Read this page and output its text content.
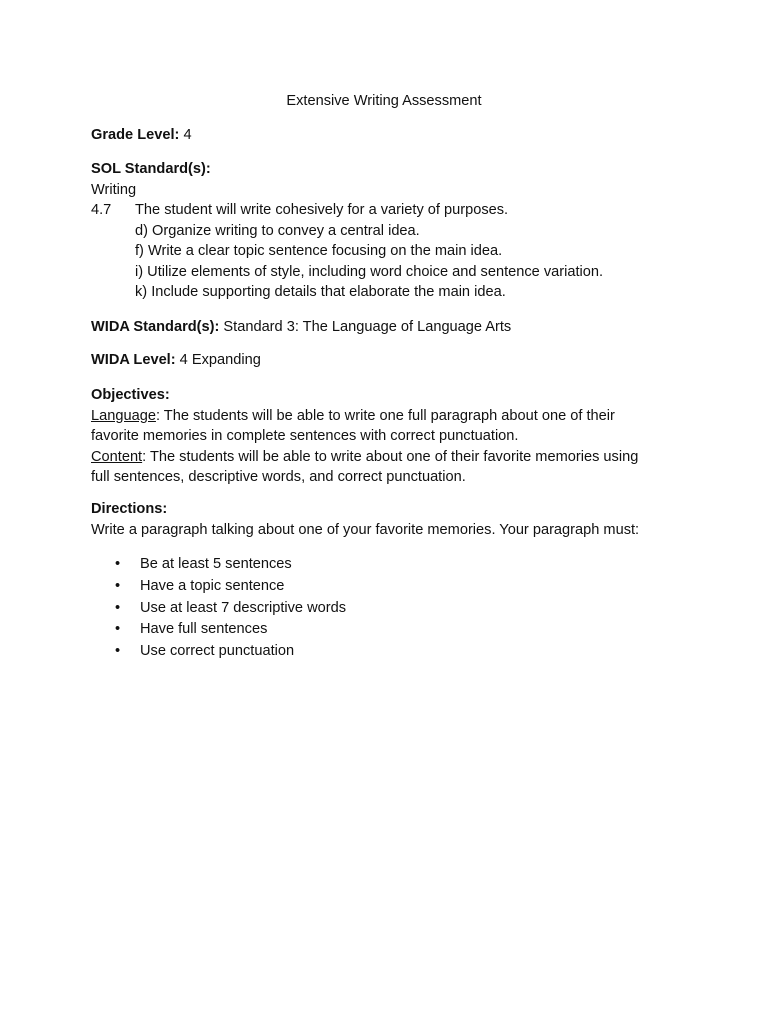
Extensive Writing Assessment
Grade Level: 4
SOL Standard(s):
Writing
4.7 The student will write cohesively for a variety of purposes.
d) Organize writing to convey a central idea.
f) Write a clear topic sentence focusing on the main idea.
i) Utilize elements of style, including word choice and sentence variation.
k) Include supporting details that elaborate the main idea.
WIDA Standard(s): Standard 3: The Language of Language Arts
WIDA Level: 4 Expanding
Objectives:
Language: The students will be able to write one full paragraph about one of their
favorite memories in complete sentences with correct punctuation.
Content: The students will be able to write about one of their favorite memories using
full sentences, descriptive words, and correct punctuation.
Directions:
Write a paragraph talking about one of your favorite memories. Your paragraph must:
• Be at least 5 sentences
• Have a topic sentence
• Use at least 7 descriptive words
• Have full sentences
• Use correct punctuation
